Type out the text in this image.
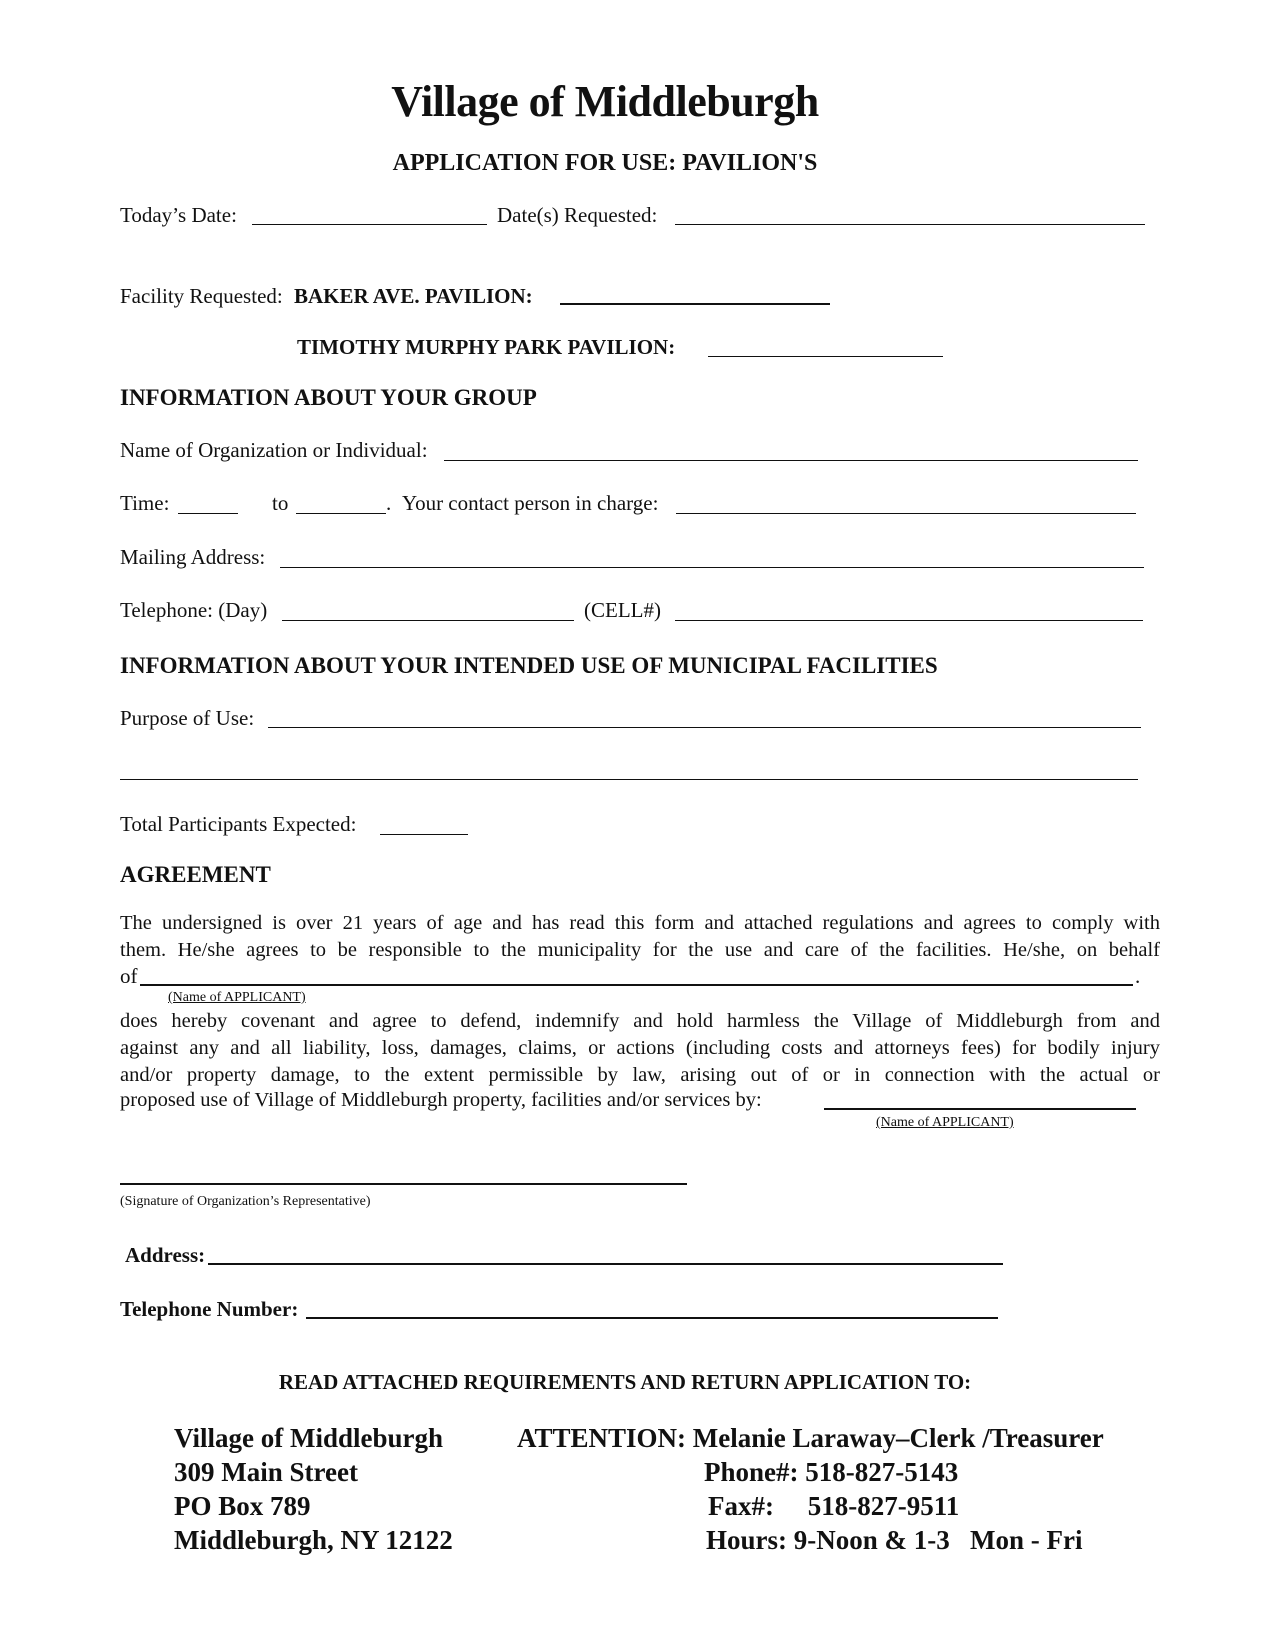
Village of Middleburgh
APPLICATION FOR USE: PAVILION'S
Today’s Date:	Date(s) Requested:
Facility Requested: BAKER AVE. PAVILION:
TIMOTHY MURPHY PARK PAVILION:
INFORMATION ABOUT YOUR GROUP
Name of Organization or Individual:
Time:	to	. Your contact person in charge:
Mailing Address:
Telephone: (Day)	(CELL#)
INFORMATION ABOUT YOUR INTENDED USE OF MUNICIPAL FACILITIES
Purpose of Use:
Total Participants Expected:
AGREEMENT

The undersigned is over 21 years of age and has read this form and attached regulations and agrees to comply with

them. He/she agrees to be responsible to the municipality for the use and care of the facilities. He/she, on behalf

of	.
(Name of APPLICANT)

does hereby covenant and agree to defend, indemnify and hold harmless the Village of Middleburgh from and

against any and all liability, loss, damages, claims, or actions (including costs and attorneys fees) for bodily injury

and/or property damage, to the extent permissible by law, arising out of or in connection with the actual or

proposed use of Village of Middleburgh property, facilities and/or services by:
(Name of APPLICANT)
(Signature of Organization’s Representative)
Address:
Telephone Number:
READ ATTACHED REQUIREMENTS AND RETURN APPLICATION TO:
Village of Middleburgh
309 Main Street
PO Box 789
Middleburgh, NY 12122
ATTENTION: Melanie Laraway–Clerk /Treasurer
Phone#: 518-827-5143
Fax#:     518-827-9511
Hours: 9-Noon & 1-3   Mon - Fri
